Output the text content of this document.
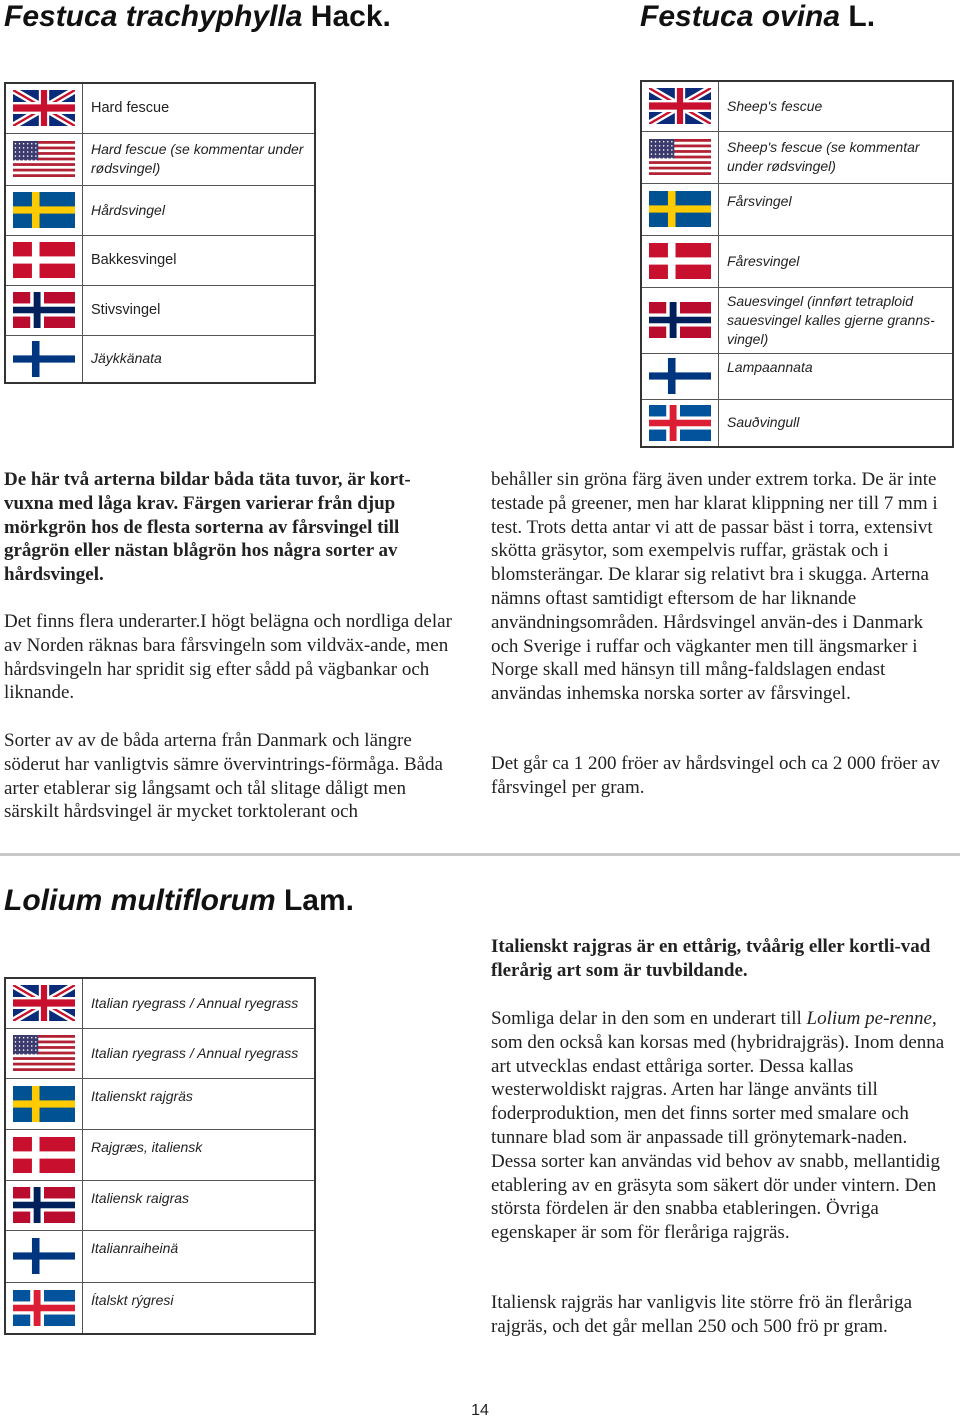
Festuca trachyphylla Hack.	Festuca ovina L.
	Hard fescue

	Hard fescue (se kommentar under rødsvingel)

	Hårdsvingel

	Bakkesvingel

	Stivsvingel

	Jäykkänata
	Sheep's fescue

	Sheep's fescue (se kommentar under rødsvingel)

	Fårsvingel

	Fåresvingel

	Sauesvingel (innført tetraploid sauesvingel kalles gjerne granns-vingel)

	Lampaannata

	Sauðvingull

De här två arterna bildar båda täta tuvor, är kort-vuxna med låga krav. Färgen varierar från djup mörkgrön hos de flesta sorterna av fårsvingel till grågrön eller nästan blågrön hos några sorter av hårdsvingel.

Det finns flera underarter.I högt belägna och nordliga delar av Norden räknas bara fårsvingeln som vildväx-ande, men hårdsvingeln har spridit sig efter sådd på vägbankar och liknande.

Sorter av av de båda arterna från Danmark och längre söderut har vanligtvis sämre övervintrings-förmåga. Båda arter etablerar sig långsamt och tål slitage dåligt men särskilt hårdsvingel är mycket torktolerant och

behåller sin gröna färg även under extrem torka. De är inte testade på greener, men har klarat klippning ner till 7 mm i test. Trots detta antar vi att de passar bäst i torra, extensivt skötta gräsytor, som exempelvis ruffar, grästak och i blomsterängar. De klarar sig relativt bra i skugga. Arterna nämns oftast samtidigt eftersom de har liknande användningsområden. Hårdsvingel använ-des i Danmark och Sverige i ruffar och vägkanter men till ängsmarker i Norge skall med hänsyn till mång-faldslagen endast användas inhemska norska sorter av fårsvingel.

Det går ca 1 200 fröer av hårdsvingel och ca 2 000 fröer av fårsvingel per gram.

Lolium multiflorum Lam.
	Italian ryegrass / Annual ryegrass

	Italian ryegrass / Annual ryegrass

	Italienskt rajgräs

	Rajgræs, italiensk

	Italiensk raigras

	Italianraiheinä

	Ítalskt rýgresi

Italienskt rajgras är en ettårig, tvåårig eller kortli-vad flerårig art som är tuvbildande.

Somliga delar in den som en underart till Lolium pe-renne, som den också kan korsas med (hybridrajgräs). Inom denna art utvecklas endast ettåriga sorter. Dessa kallas westerwoldiskt rajgras. Arten har länge använts till foderproduktion, men det finns sorter med smalare och tunnare blad som är anpassade till grönytemark-naden. Dessa sorter kan användas vid behov av snabb, mellantidig etablering av en gräsyta som säkert dör under vintern. Den största fördelen är den snabba etableringen. Övriga egenskaper är som för fleråriga rajgräs.

Italiensk rajgräs har vanligvis lite större frö än fleråriga rajgräs, och det går mellan 250 och 500 frö pr gram.

14
